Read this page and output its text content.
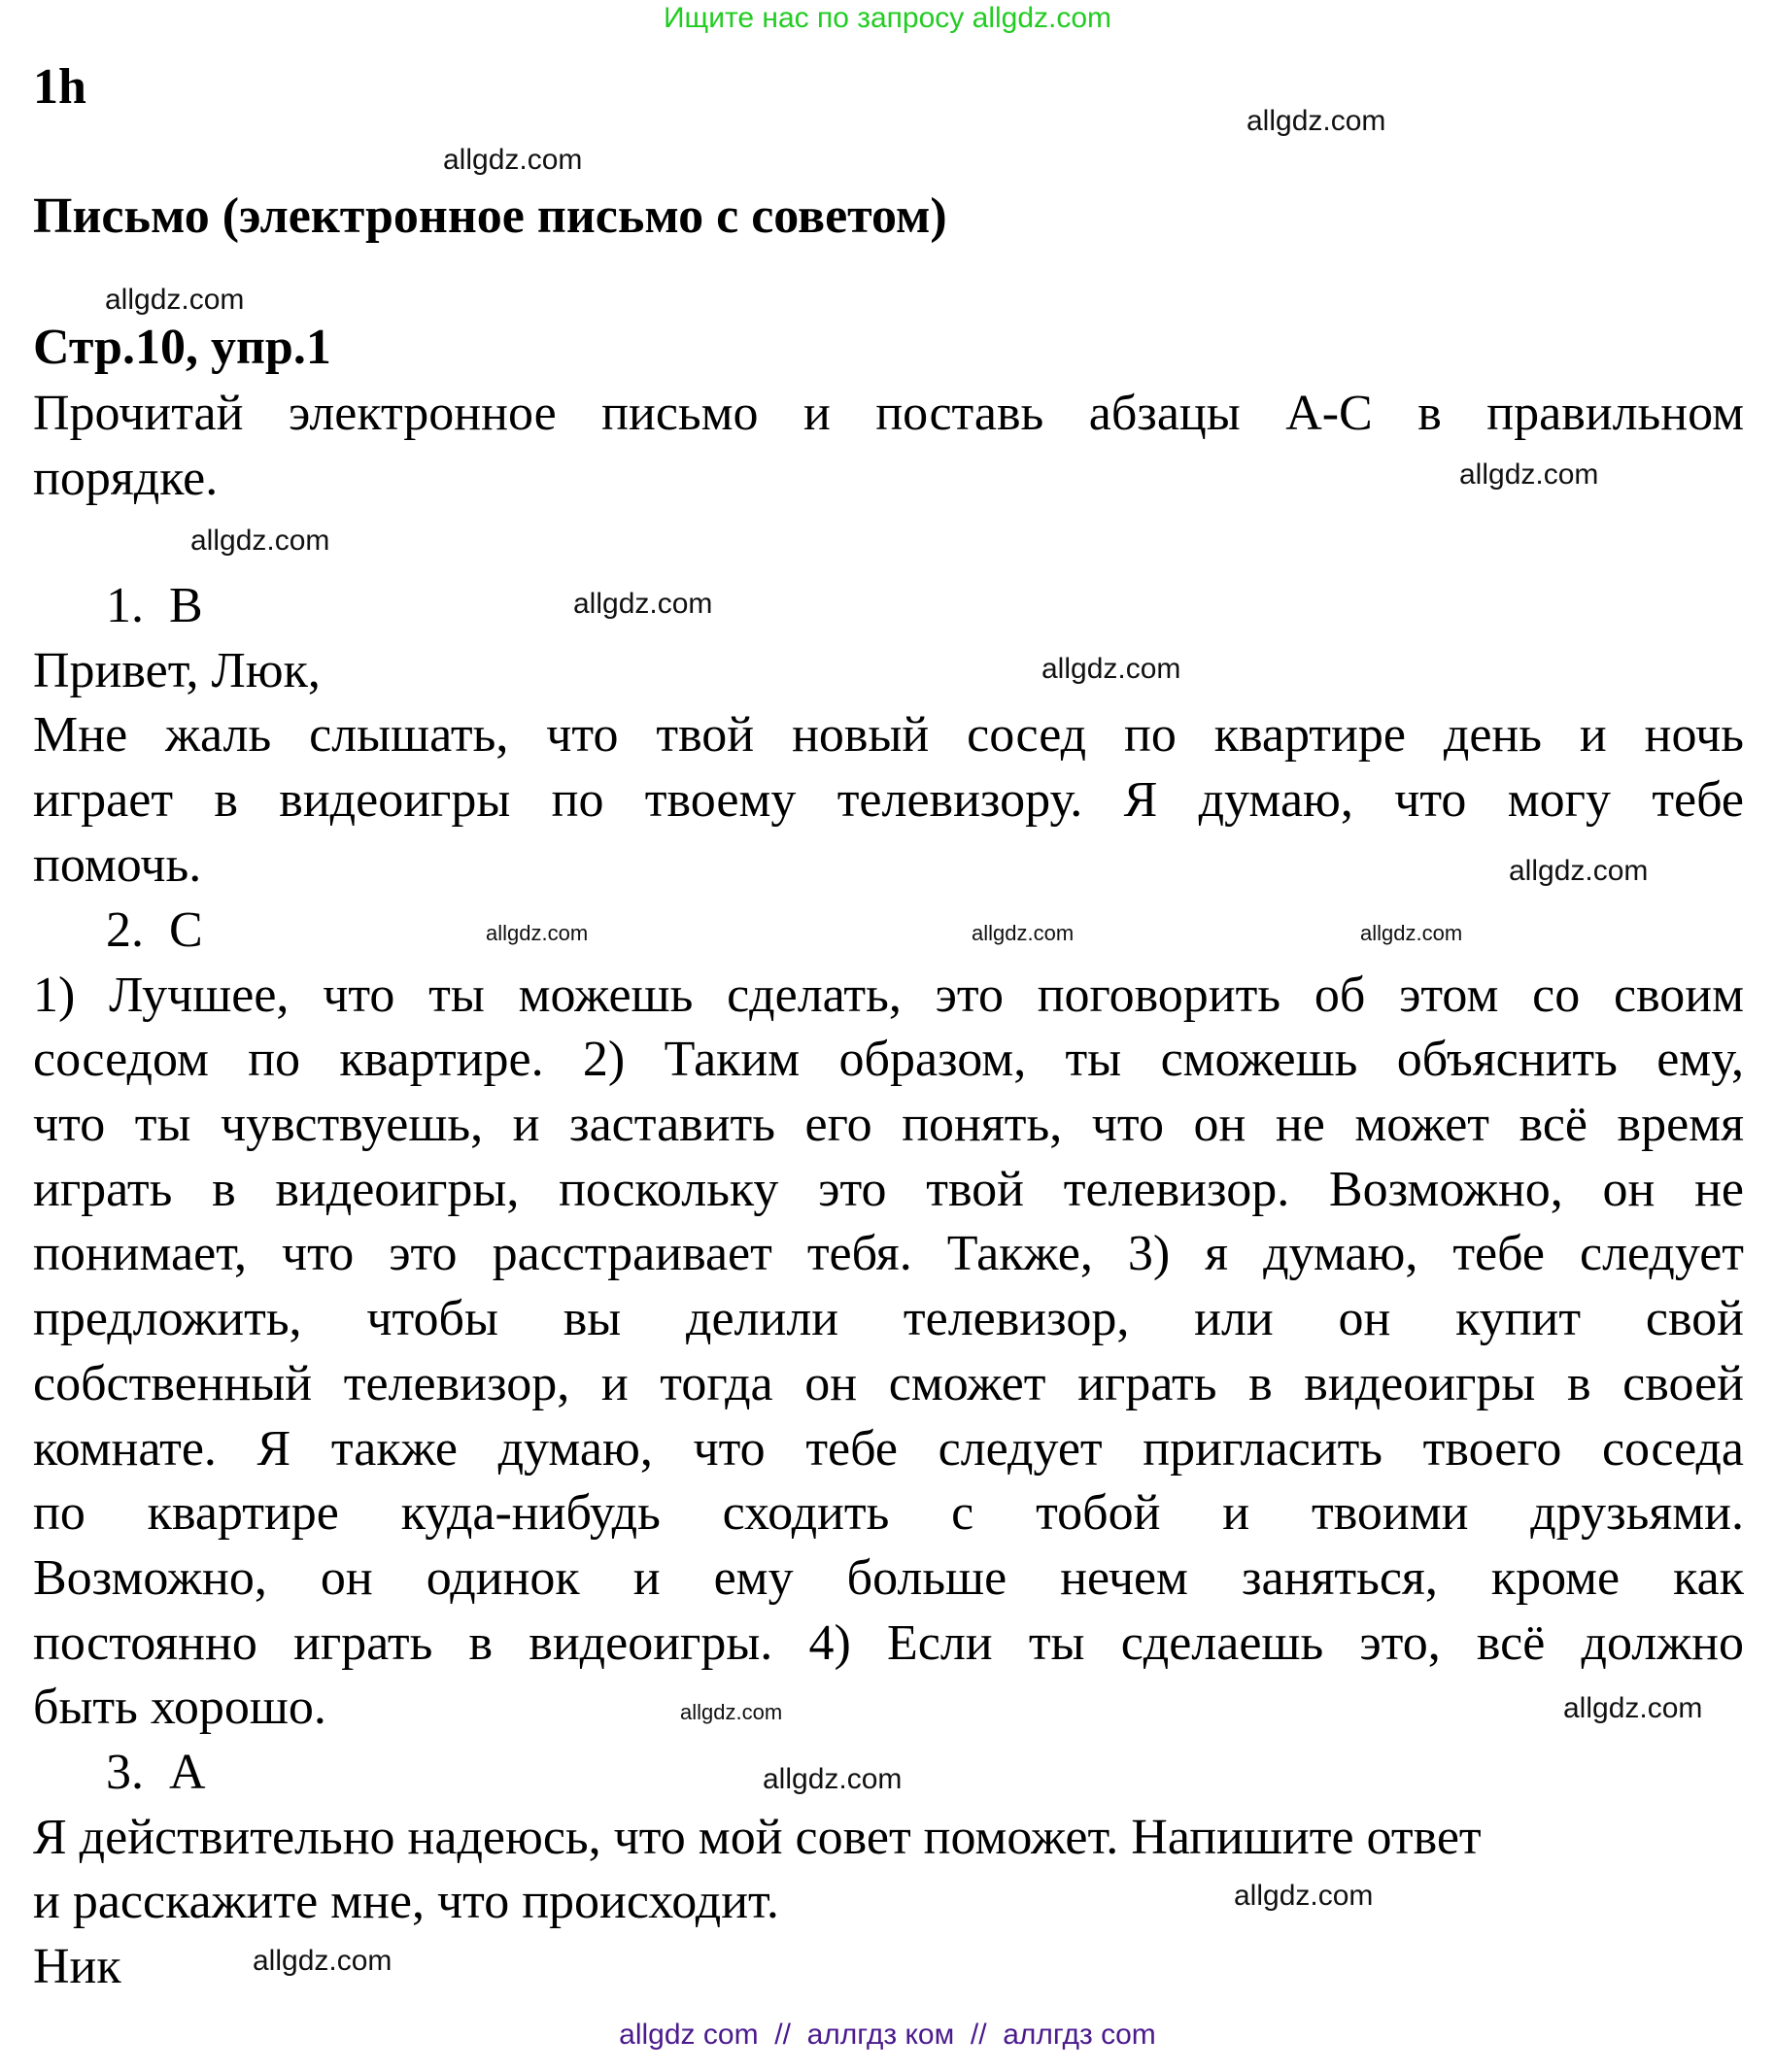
Ищите нас по запросу allgdz.com
1h
Письмо (электронное письмо с советом)
Стр.10, упр.1
Прочитай электронное письмо и поставь абзацы A-C в правильном
порядке.
1. B
Привет, Люк,
Мне жаль слышать, что твой новый сосед по квартире день и ночь
играет в видеоигры по твоему телевизору. Я думаю, что могу тебе
помочь.
2. C
1) Лучшее, что ты можешь сделать, это поговорить об этом со своим
соседом по квартире. 2) Таким образом, ты сможешь объяснить ему,
что ты чувствуешь, и заставить его понять, что он не может всё время
играть в видеоигры, поскольку это твой телевизор. Возможно, он не
понимает, что это расстраивает тебя. Также, 3) я думаю, тебе следует
предложить, чтобы вы делили телевизор, или он купит свой
собственный телевизор, и тогда он сможет играть в видеоигры в своей
комнате. Я также думаю, что тебе следует пригласить твоего соседа
по квартире куда-нибудь сходить с тобой и твоими друзьями.
Возможно, он одинок и ему больше нечем заняться, кроме как
постоянно играть в видеоигры. 4) Если ты сделаешь это, всё должно
быть хорошо.
3. A
Я действительно надеюсь, что мой совет поможет. Напишите ответ
и расскажите мне, что происходит.
Ник
allgdz.com
allgdz.com
allgdz.com
allgdz.com
allgdz.com
allgdz.com
allgdz.com
allgdz.com
allgdz.com	allgdz.com	allgdz.com
allgdz.com	allgdz.com
allgdz.com
allgdz.com
allgdz.com
allgdz com  //  аллгдз ком  //  аллгдз com
